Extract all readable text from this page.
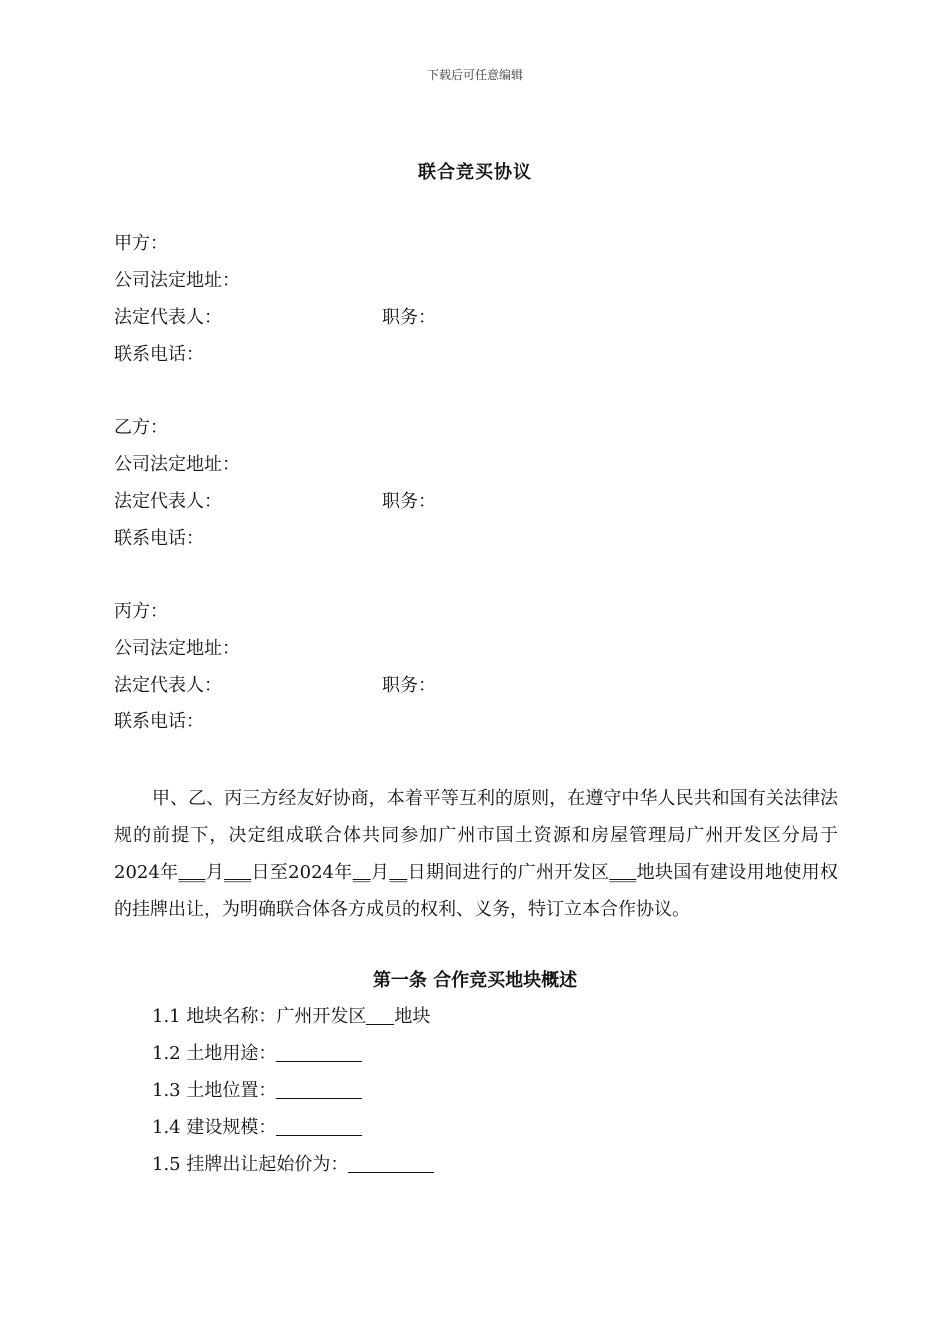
下载后可任意编辑
联合竞买协议
甲方：
公司法定地址：
法定代表人：	职务：
联系电话：
乙方：
公司法定地址：
法定代表人：	职务：
联系电话：
丙方：
公司法定地址：
法定代表人：	职务：
联系电话：
甲、乙、丙三方经友好协商，本着平等互利的原则，在遵守中华人民共和国有关法律法规的前提下，决定组成联合体共同参加广州市国土资源和房屋管理局广州开发区分局于2024年___月___日至2024年__月__日期间进行的广州开发区___地块国有建设用地使用权的挂牌出让，为明确联合体各方成员的权利、义务，特订立本合作协议。
第一条 合作竞买地块概述
1.1 地块名称：广州开发区 地块
1.2 土地用途：
1.3 土地位置：
1.4 建设规模：
1.5 挂牌出让起始价为：
